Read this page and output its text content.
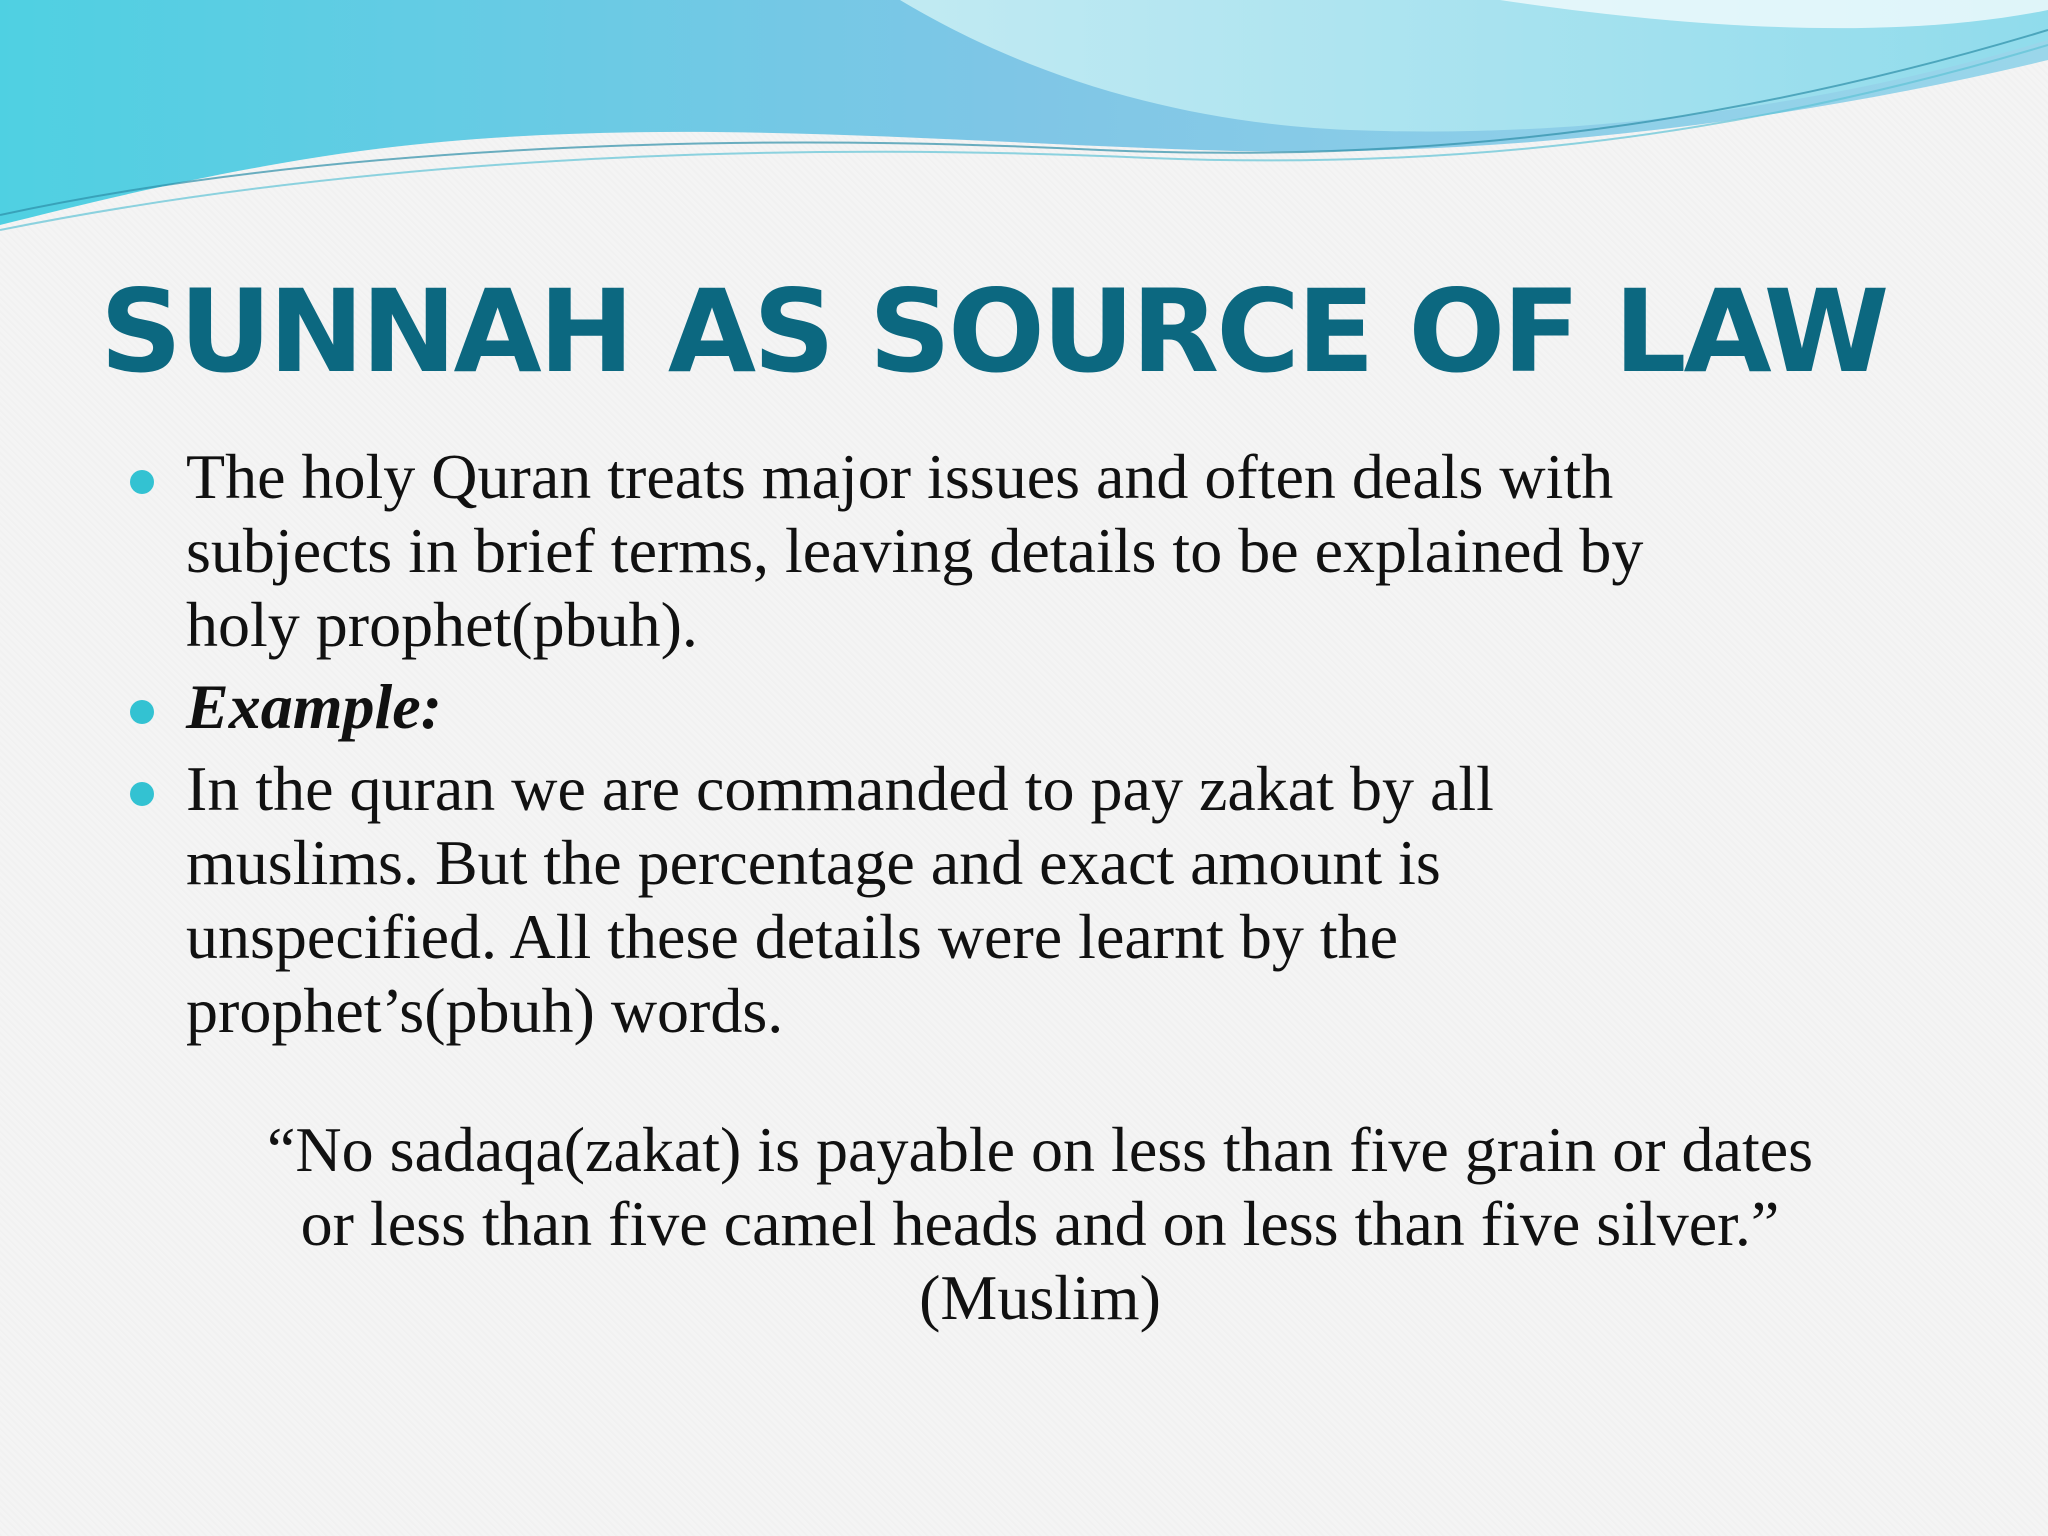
SUNNAH AS SOURCE OF LAW
The holy Quran treats major issues and often deals with
subjects in brief terms, leaving details to be explained by
holy prophet(pbuh).
Example:
In the quran we are commanded to pay zakat by all
muslims. But the percentage and exact amount is
unspecified. All these details were learnt by the
prophet’s(pbuh) words.
“No sadaqa(zakat) is payable on less than five grain or dates
or less than five camel heads and on less than five silver.”
(Muslim)
